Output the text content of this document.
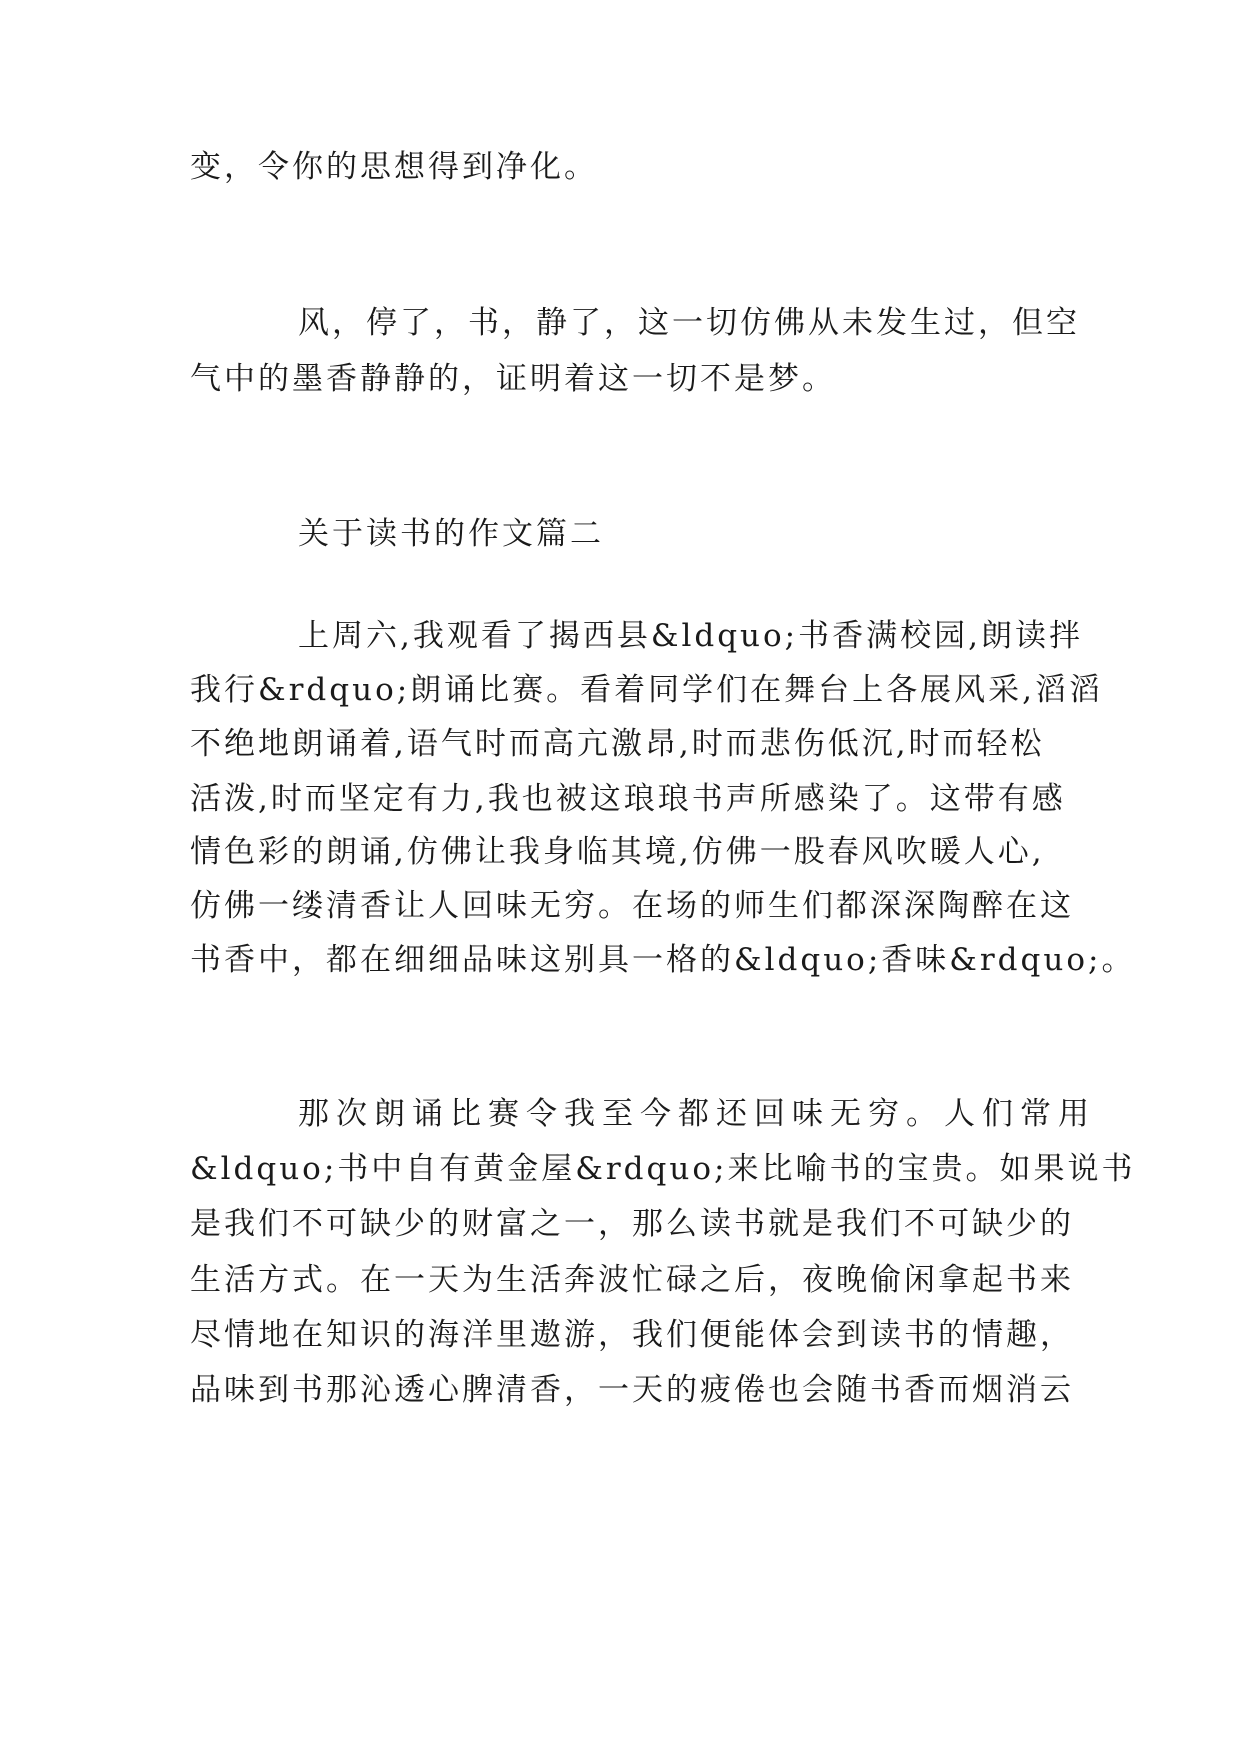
变，令你的思想得到净化。

风，停了，书，静了，这一切仿佛从未发生过，但空

气中的墨香静静的，证明着这一切不是梦。

关于读书的作文篇二

上周六,我观看了揭西县&ldquo;书香满校园,朗读拌

我行&rdquo;朗诵比赛。看着同学们在舞台上各展风采,滔滔

不绝地朗诵着,语气时而高亢激昂,时而悲伤低沉,时而轻松

活泼,时而坚定有力,我也被这琅琅书声所感染了。这带有感

情色彩的朗诵,仿佛让我身临其境,仿佛一股春风吹暖人心,

仿佛一缕清香让人回味无穷。在场的师生们都深深陶醉在这

书香中，都在细细品味这别具一格的&ldquo;香味&rdquo;。

那次朗诵比赛令我至今都还回味无穷。人们常用

&ldquo;书中自有黄金屋&rdquo;来比喻书的宝贵。如果说书

是我们不可缺少的财富之一，那么读书就是我们不可缺少的

生活方式。在一天为生活奔波忙碌之后，夜晚偷闲拿起书来

尽情地在知识的海洋里遨游，我们便能体会到读书的情趣，

品味到书那沁透心脾清香，一天的疲倦也会随书香而烟消云
